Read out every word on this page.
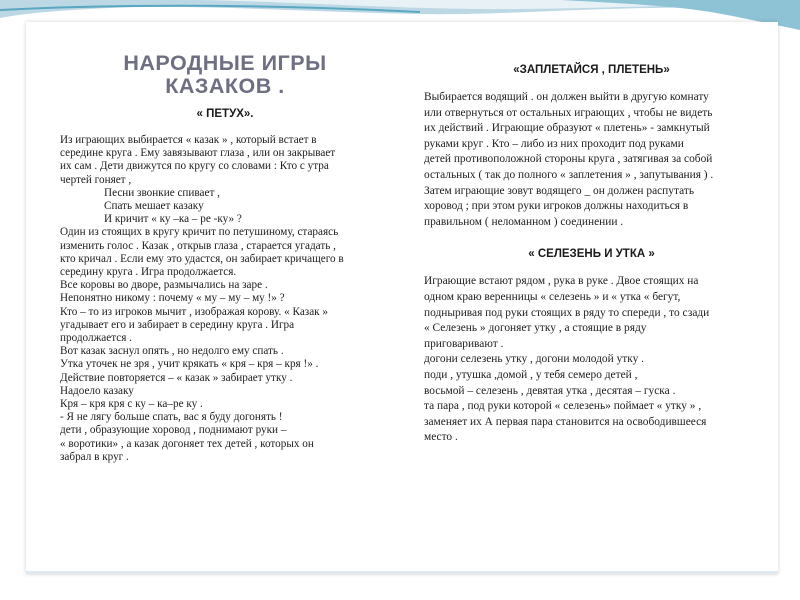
НАРОДНЫЕ ИГРЫ
КАЗАКОВ .
« ПЕТУХ».

Из играющих выбирается « казак » , который встает в
середине круга . Ему завязывают глаза , или он закрывает
их сам . Дети движутся по кругу со словами : Кто с утра
чертей гоняет ,

Песни звонкие спивает ,
Спать мешает казаку
И кричит « ку –ка – ре -ку» ?

Один из стоящих в кругу кричит по петушиному, стараясь
изменить голос . Казак , открыв глаза , старается угадать ,
кто кричал . Если ему это удастся, он забирает кричащего в
середину круга . Игра продолжается.
Все коровы во дворе, размычались на заре .
Непонятно никому : почему « му – му – му !» ?
Кто – то из игроков мычит , изображая корову. « Казак »
угадывает его и забирает в середину круга . Игра
продолжается .
Вот казак заснул опять , но недолго ему спать .
Утка уточек не зря , учит крякать « кря – кря – кря !» .
Действие повторяется – « казак » забирает утку .
Надоело казаку
Кря – кря кря с ку – ка–ре ку .
- Я не лягу больше спать, вас я буду догонять !
дети , образующие хоровод , поднимают руки –
« воротики» , а казак догоняет тех детей , которых он
забрал в круг .

«ЗАПЛЕТАЙСЯ , ПЛЕТЕНЬ»

Выбирается водящий . он должен выйти в другую комнату
или отвернуться от остальных играющих , чтобы не видеть
их действий . Играющие образуют « плетень» - замкнутый
руками круг . Кто – либо из них проходит под руками
детей противоположной стороны круга , затягивая за собой
остальных ( так до полного « заплетения » , запутывания ) .
Затем играющие зовут водящего _ он должен распутать
хоровод ; при этом руки игроков должны находиться в
правильном ( неломанном ) соединении .

« СЕЛЕЗЕНЬ И УТКА »

Играющие встают рядом , рука в руке . Двое стоящих на
одном краю веренницы « селезень » и « утка « бегут,
подныривая под руки стоящих в ряду то спереди , то сзади
« Селезень » догоняет утку , а стоящие в ряду
приговаривают .
догони селезень утку , догони молодой утку .
поди , утушка ,домой , у тебя семеро детей ,
восьмой – селезень , девятая утка , десятая – гуска .
та пара , под руки которой « селезень» поймает « утку » ,
заменяет их А первая пара становится на освободившееся
место .
